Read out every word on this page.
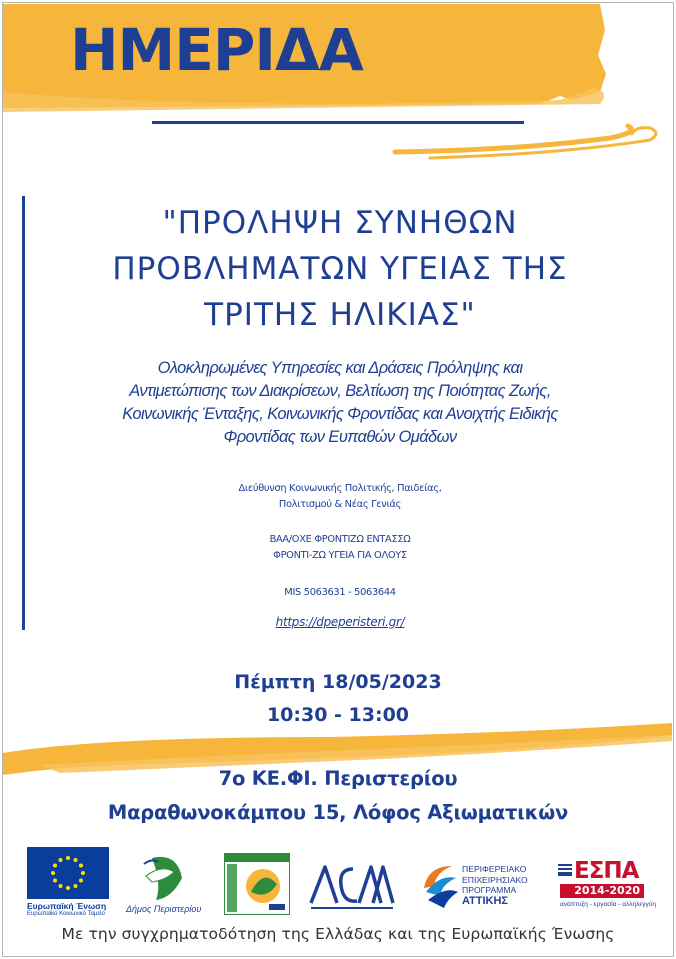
ΗΜΕΡΙΔΑ
"ΠΡΟΛΗΨΗ ΣΥΝΗΘΩΝ
ΠΡΟΒΛΗΜΑΤΩΝ ΥΓΕΙΑΣ ΤΗΣ
ΤΡΙΤΗΣ ΗΛΙΚΙΑΣ"
Ολοκληρωμένες Υπηρεσίες και Δράσεις Πρόληψης και
Αντιμετώπισης των Διακρίσεων, Βελτίωση της Ποιότητας Ζωής,
Κοινωνικής Ένταξης, Κοινωνικής Φροντίδας και Ανοιχτής Ειδικής
Φροντίδας των Ευπαθών Ομάδων
Διεύθυνση Κοινωνικής Πολιτικής, Παιδείας,
Πολιτισμού & Νέας Γενιάς
ΒΑΑ/ΟΧΕ ΦΡΟΝΤΙΖΩ ΕΝΤΑΣΣΩ
ΦΡΟΝΤΙ-ΖΩ ΥΓΕΙΑ ΓΙΑ ΟΛΟΥΣ
MIS 5063631 - 5063644
https://dpeperisteri.gr/
Πέμπτη 18/05/2023
10:30 - 13:00
7ο ΚΕ.ΦΙ. Περιστερίου
Μαραθωνοκάμπου 15, Λόφος Αξιωματικών
Ευρωπαϊκή Ένωση
Ευρωπαϊκό Κοινωνικό Ταμείο Δήμος Περιστερίου
ΠΕΡΙΦΕΡΕΙΑΚΟ
ΕΠΙΧΕΙΡΗΣΙΑΚΟ
ΠΡΟΓΡΑΜΜΑ
ΑΤΤΙΚΗΣ
ΕΣΠΑ
2014-2020
ανάπτυξη - εργασία - αλληλεγγύη
Με την συγχρηματοδότηση της Ελλάδας και της Ευρωπαϊκής Ένωσης
